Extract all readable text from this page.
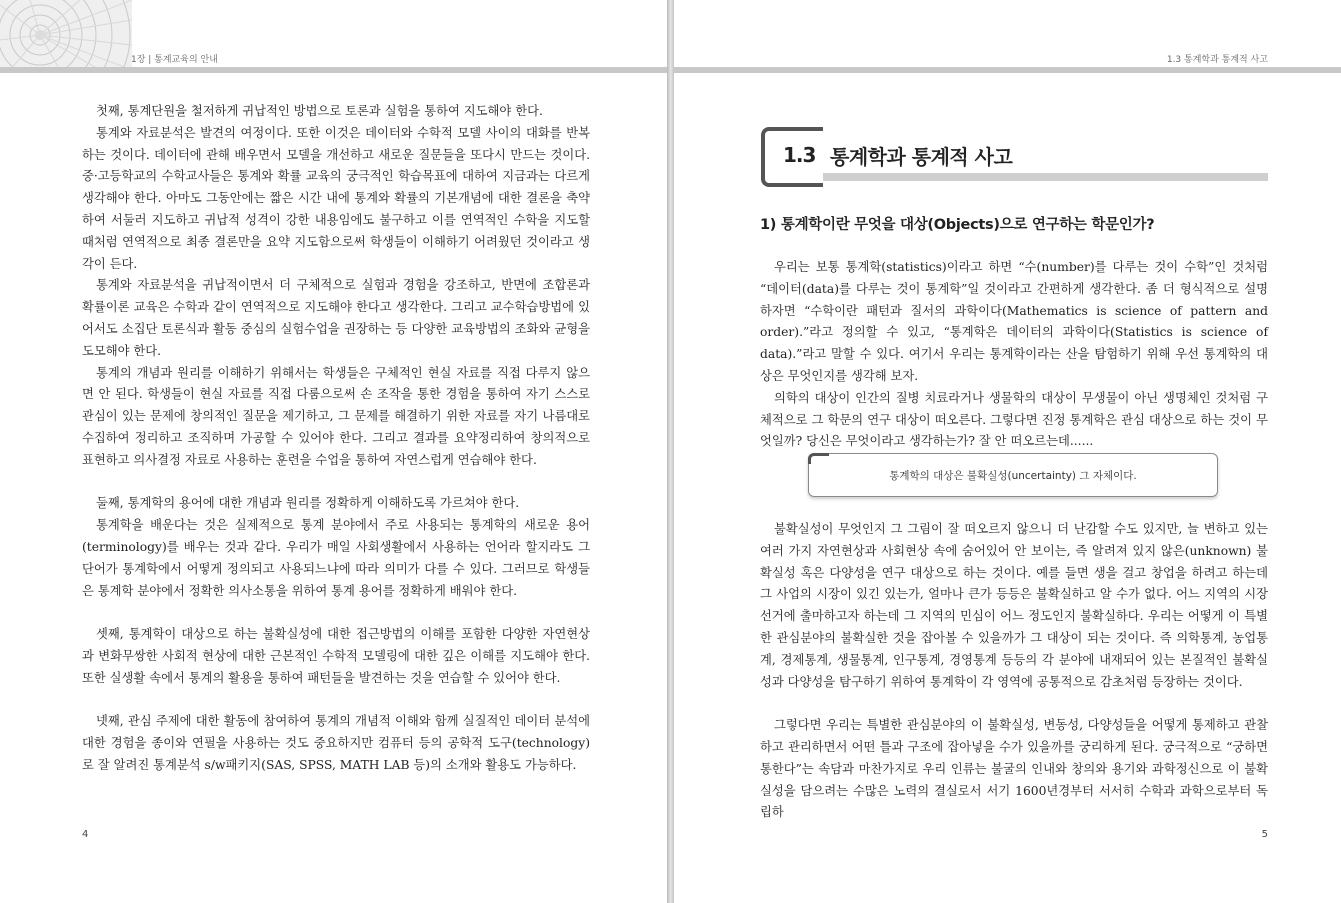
1장 | 통계교육의 안내

첫째, 통계단원을 철저하게 귀납적인 방법으로 토론과 실험을 통하여 지도해야 한다.

통계와 자료분석은 발견의 여정이다. 또한 이것은 데이터와 수학적 모델 사이의 대화를 반복하는 것이다. 데이터에 관해 배우면서 모델을 개선하고 새로운 질문들을 또다시 만드는 것이다. 중·고등학교의 수학교사들은 통계와 확률 교육의 궁극적인 학습목표에 대하여 지금과는 다르게 생각해야 한다. 아마도 그동안에는 짧은 시간 내에 통계와 확률의 기본개념에 대한 결론을 축약하여 서둘러 지도하고 귀납적 성격이 강한 내용임에도 불구하고 이를 연역적인 수학을 지도할 때처럼 연역적으로 최종 결론만을 요약 지도함으로써 학생들이 이해하기 어려웠던 것이라고 생각이 든다.

통계와 자료분석을 귀납적이면서 더 구체적으로 실험과 경험을 강조하고, 반면에 조합론과 확률이론 교육은 수학과 같이 연역적으로 지도해야 한다고 생각한다. 그리고 교수학습방법에 있어서도 소집단 토론식과 활동 중심의 실험수업을 권장하는 등 다양한 교육방법의 조화와 균형을 도모해야 한다.

통계의 개념과 원리를 이해하기 위해서는 학생들은 구체적인 현실 자료를 직접 다루지 않으면 안 된다. 학생들이 현실 자료를 직접 다룸으로써 손 조작을 통한 경험을 통하여 자기 스스로 관심이 있는 문제에 창의적인 질문을 제기하고, 그 문제를 해결하기 위한 자료를 자기 나름대로 수집하여 정리하고 조직하며 가공할 수 있어야 한다. 그리고 결과를 요약정리하여 창의적으로 표현하고 의사결정 자료로 사용하는 훈련을 수업을 통하여 자연스럽게 연습해야 한다.

둘째, 통계학의 용어에 대한 개념과 원리를 정확하게 이해하도록 가르쳐야 한다.

통계학을 배운다는 것은 실제적으로 통계 분야에서 주로 사용되는 통계학의 새로운 용어(terminology)를 배우는 것과 같다. 우리가 매일 사회생활에서 사용하는 언어라 할지라도 그 단어가 통계학에서 어떻게 정의되고 사용되느냐에 따라 의미가 다를 수 있다. 그러므로 학생들은 통계학 분야에서 정확한 의사소통을 위하여 통계 용어를 정확하게 배워야 한다.

셋째, 통계학이 대상으로 하는 불확실성에 대한 접근방법의 이해를 포함한 다양한 자연현상과 변화무쌍한 사회적 현상에 대한 근본적인 수학적 모델링에 대한 깊은 이해를 지도해야 한다. 또한 실생활 속에서 통계의 활용을 통하여 패턴들을 발견하는 것을 연습할 수 있어야 한다.

넷째, 관심 주제에 대한 활동에 참여하여 통계의 개념적 이해와 함께 실질적인 데이터 분석에 대한 경험을 종이와 연필을 사용하는 것도 중요하지만 컴퓨터 등의 공학적 도구(technology)로 잘 알려진 통계분석 s/w패키지(SAS, SPSS, MATH LAB 등)의 소개와 활용도 가능하다.

4
1.3 통계학과 통계적 사고
1.3 통계학과 통계적 사고
1) 통계학이란 무엇을 대상(Objects)으로 연구하는 학문인가?

우리는 보통 통계학(statistics)이라고 하면 “수(number)를 다루는 것이 수학”인 것처럼 “데이터(data)를 다루는 것이 통계학”일 것이라고 간편하게 생각한다. 좀 더 형식적으로 설명하자면 “수학이란 패턴과 질서의 과학이다(Mathematics is science of pattern and order).”라고 정의할 수 있고, “통계학은 데이터의 과학이다(Statistics is science of data).”라고 말할 수 있다. 여기서 우리는 통계학이라는 산을 탐험하기 위해 우선 통계학의 대상은 무엇인지를 생각해 보자.

의학의 대상이 인간의 질병 치료라거나 생물학의 대상이 무생물이 아닌 생명체인 것처럼 구체적으로 그 학문의 연구 대상이 떠오른다. 그렇다면 진정 통계학은 관심 대상으로 하는 것이 무엇일까? 당신은 무엇이라고 생각하는가? 잘 안 떠오르는데......

통계학의 대상은 불확실성(uncertainty) 그 자체이다.

불확실성이 무엇인지 그 그림이 잘 떠오르지 않으니 더 난감할 수도 있지만, 늘 변하고 있는 여러 가지 자연현상과 사회현상 속에 숨어있어 안 보이는, 즉 알려져 있지 않은(unknown) 불확실성 혹은 다양성을 연구 대상으로 하는 것이다. 예를 들면 생을 걸고 창업을 하려고 하는데 그 사업의 시장이 있긴 있는가, 얼마나 큰가 등등은 불확실하고 알 수가 없다. 어느 지역의 시장선거에 출마하고자 하는데 그 지역의 민심이 어느 정도인지 불확실하다. 우리는 어떻게 이 특별한 관심분야의 불확실한 것을 잡아볼 수 있을까가 그 대상이 되는 것이다. 즉 의학통계, 농업통계, 경제통계, 생물통계, 인구통계, 경영통계 등등의 각 분야에 내재되어 있는 본질적인 불확실성과 다양성을 탐구하기 위하여 통계학이 각 영역에 공통적으로 감초처럼 등장하는 것이다.

그렇다면 우리는 특별한 관심분야의 이 불확실성, 변동성, 다양성들을 어떻게 통제하고 관찰하고 관리하면서 어떤 틀과 구조에 잡아넣을 수가 있을까를 궁리하게 된다. 궁극적으로 “궁하면 통한다”는 속담과 마찬가지로 우리 인류는 불굴의 인내와 창의와 용기와 과학정신으로 이 불확실성을 담으려는 수많은 노력의 결실로서 서기 1600년경부터 서서히 수학과 과학으로부터 독립하

5
